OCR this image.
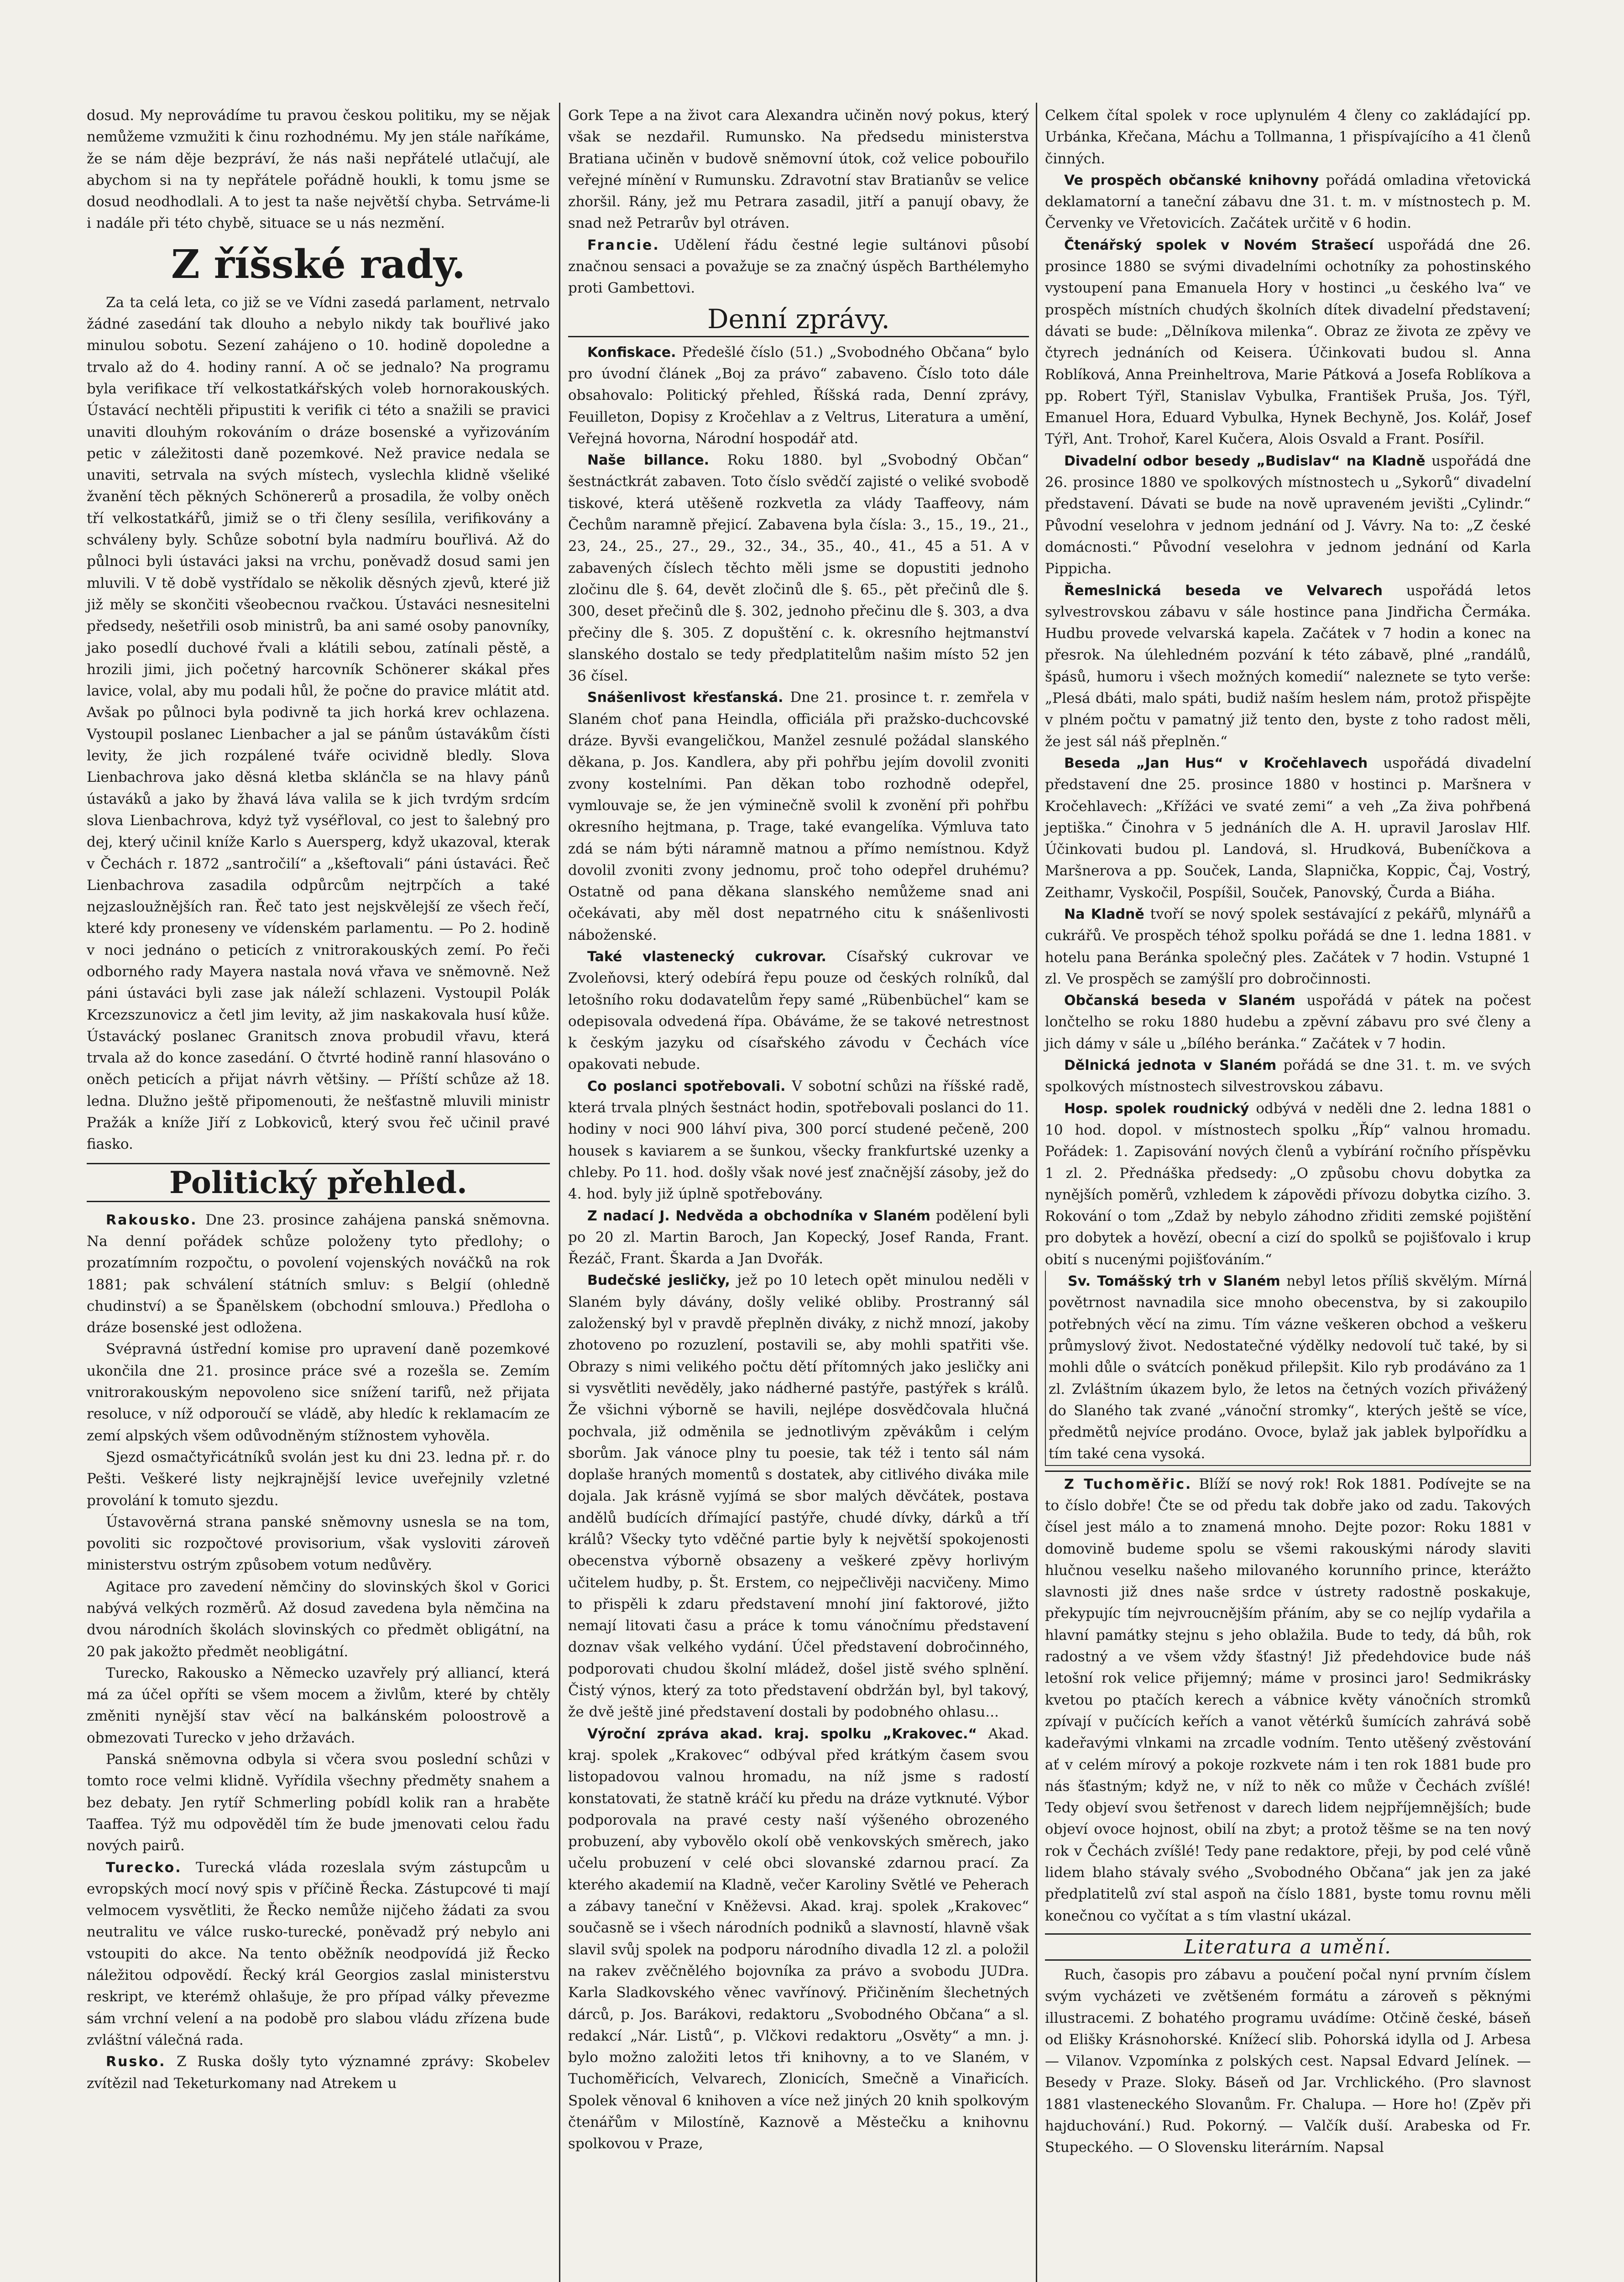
dosud. My neprovádíme tu pravou českou politiku, my se nějak nemůžeme vzmužiti k činu rozhodnému. My jen stále naříkáme, že se nám děje bezpráví, že nás naši nepřátelé utlačují, ale abychom si na ty nepřátele pořádně houkli, k tomu jsme se dosud neodhodlali. A to jest ta naše největší chyba. Setrváme-li i nadále při této chybě, situace se u nás nezmění.

Z říšské rady.

Za ta celá leta, co již se ve Vídni zasedá parlament, netrvalo žádné zasedání tak dlouho a nebylo nikdy tak bouřlivé jako minulou sobotu. Sezení zahájeno o 10. hodině dopoledne a trvalo až do 4. hodiny ranní. A oč se jednalo? Na programu byla verifikace tří velkostatkářských voleb hornorakouských. Ústavácí nechtěli připustiti k verifik ci této a snažili se pravici unaviti dlouhým rokováním o dráze bosenské a vyřizováním petic v záležitosti daně pozemkové. Než pravice nedala se unaviti, setrvala na svých místech, vyslechla klidně všeliké žvanění těch pěkných Schönererů a prosadila, že volby oněch tří velkostatkářů, jimiž se o tři členy sesílila, verifikovány a schváleny byly. Schůze sobotní byla nadmíru bouřlivá. Až do půlnoci byli ústaváci jaksi na vrchu, poněvadž dosud sami jen mluvili. V tě době vystřídalo se několik děsných zjevů, které již již měly se skončiti všeobecnou rvačkou. Ústaváci nesnesitelni předsedy, nešetřili osob ministrů, ba ani samé osoby panovníky, jako posedlí duchové řvali a klátili sebou, zatínali pěstě, a hrozili jimi, jich početný harcovník Schönerer skákal přes lavice, volal, aby mu podali hůl, že počne do pravice mlátit atd. Avšak po půlnoci byla podivně ta jich horká krev ochlazena. Vystoupil poslanec Lienbacher a jal se pánům ústavákům čísti levity, že jich rozpálené tváře ocividně bledly. Slova Lienbachrova jako děsná kletba sklánčla se na hlavy pánů ústaváků a jako by žhavá láva valila se k jich tvrdým srdcím slova Lienbachrova, kdyż tyž vyséřloval, co jest to šalebný pro dej, který učinil kníže Karlo s Auersperg, když ukazoval, kterak v Čechách r. 1872 „santročilí“ a „kšeftovali“ páni ústaváci. Řeč Lienbachrova zasadila odpůrcům nejtrpčích a také nejzasloužnějších ran. Řeč tato jest nejskvělejší ze všech řečí, které kdy proneseny ve vídenském parlamentu. — Po 2. hodině v noci jednáno o peticích z vnitrorakouských zemí. Po řeči odborného rady Mayera nastala nová vřava ve sněmovně. Než páni ústaváci byli zase jak náleží schlazeni. Vystoupil Polák Krcezszunovicz a četl jim levity, až jim naskakovala husí kůže. Ústavácký poslanec Granitsch znova probudil vřavu, která trvala až do konce zasedání. O čtvrté hodině ranní hlasováno o oněch peticích a přijat návrh většiny. — Příští schůze až 18. ledna. Dlužno ještě připomenouti, že nešťastně mluvili ministr Pražák a kníže Jiří z Lobkoviců, který svou řeč učinil pravé fiasko.

Politický přehled.

Rakousko. Dne 23. prosince zahájena panská sněmovna. Na denní pořádek schůze položeny tyto předlohy; o prozatímním rozpočtu, o povolení vojenských nováčků na rok 1881; pak schválení státních smluv: s Belgií (ohledně chudinství) a se Španělskem (obchodní smlouva.) Předloha o dráze bosenské jest odložena.

Svépravná ústřední komise pro upravení daně pozemkové ukončila dne 21. prosince práce své a rozešla se. Zemím vnitrorakouským nepovoleno sice snížení tarifů, než přijata resoluce, v níž odporoučí se vládě, aby hledíc k reklamacím ze zemí alpských všem odůvodněným stížnostem vyhověla.

Sjezd osmačtyřicátníků svolán jest ku dni 23. ledna př. r. do Pešti. Veškeré listy nejkrajnější levice uveřejnily vzletné provolání k tomuto sjezdu.

Ústavověrná strana panské sněmovny usnesla se na tom, povoliti sic rozpočtové provisorium, však vysloviti zároveň ministerstvu ostrým způsobem votum nedůvěry.

Agitace pro zavedení němčiny do slovinských škol v Gorici nabývá velkých rozměrů. Až dosud zavedena byla němčina na dvou národních školách slovinských co předmět obligátní, na 20 pak jakožto předmět neobligátní.

Turecko, Rakousko a Německo uzavřely prý alliancí, která má za účel opříti se všem mocem a živlům, které by chtěly změniti nynější stav věcí na balkánském poloostrově a obmezovati Turecko v jeho državách.

Panská sněmovna odbyla si včera svou poslední schůzi v tomto roce velmi klidně. Vyřídila všechny předměty snahem a bez debaty. Jen rytíř Schmerling pobídl kolik ran a hraběte Taaffea. Týž mu odpověděl tím že bude jmenovati celou řadu nových pairů.

Turecko. Turecká vláda rozeslala svým zástupcům u evropských mocí nový spis v příčině Řecka. Zástupcové ti mají velmocem vysvětliti, že Řecko nemůže nijčeho žádati za svou neutralitu ve válce rusko-turecké, poněvadž prý nebylo ani vstoupiti do akce. Na tento oběžník neodpovídá již Řecko náležitou odpovědí. Řecký král Georgios zaslal ministerstvu reskript, ve kterémž ohlašuje, že pro případ války převezme sám vrchní velení a na podobě pro slabou vládu zřízena bude zvláštní válečná rada.

Rusko. Z Ruska došly tyto významné zprávy: Skobelev zvítězil nad Teketurkomany nad Atrekem u

Gork Tepe a na život cara Alexandra učiněn nový pokus, který však se nezdařil. Rumunsko. Na předsedu ministerstva Bratiana učiněn v budově sněmovní útok, což velice pobouřilo veřejné mínění v Rumunsku. Zdravotní stav Bratianův se velice zhoršil. Rány, jež mu Petrara zasadil, jitří a panují obavy, že snad než Petrarův byl otráven.

Francie. Udělení řádu čestné legie sultánovi působí značnou sensaci a považuje se za značný úspěch Barthélemyho proti Gambettovi.

Denní zprávy.

Konfiskace. Předešlé číslo (51.) „Svobodného Občana“ bylo pro úvodní článek „Boj za právo“ zabaveno. Číslo toto dále obsahovalo: Politický přehled, Říšská rada, Denní zprávy, Feuilleton, Dopisy z Kročehlav a z Veltrus, Literatura a umění, Veřejná hovorna, Národní hospodář atd.

Naše billance. Roku 1880. byl „Svobodný Občan“ šestnáctkrát zabaven. Toto číslo svědčí zajisté o veliké svobodě tiskové, která utěšeně rozkvetla za vlády Taaffeovy, nám Čechům naramně přejicí. Zabavena byla čísla: 3., 15., 19., 21., 23, 24., 25., 27., 29., 32., 34., 35., 40., 41., 45 a 51. A v zabavených číslech těchto měli jsme se dopustiti jednoho zločinu dle §. 64, devět zločinů dle §. 65., pět přečinů dle §. 300, deset přečinů dle §. 302, jednoho přečinu dle §. 303, a dva přečiny dle §. 305. Z dopuštění c. k. okresního hejtmanství slanského dostalo se tedy předplatitelům našim místo 52 jen 36 čísel.

Snášenlivost křesťanská. Dne 21. prosince t. r. zemřela v Slaném choť pana Heindla, officiála při pražsko-duchcovské dráze. Byvši evangeličkou, Manžel zesnulé požádal slanského děkana, p. Jos. Kandlera, aby při pohřbu jejím dovolil zvoniti zvony kostelními. Pan děkan tobo rozhodně odepřel, vymlouvaje se, že jen výminečně svolil k zvonění při pohřbu okresního hejtmana, p. Trage, také evangelíka. Výmluva tato zdá se nám býti náramně matnou a přímo nemístnou. Když dovolil zvoniti zvony jednomu, proč toho odepřel druhému? Ostatně od pana děkana slanského nemůžeme snad ani očekávati, aby měl dost nepatrného citu k snášenlivosti náboženské.

Také vlastenecký cukrovar. Císařský cukrovar ve Zvoleňovsi, který odebírá řepu pouze od českých rolníků, dal letošního roku dodavatelům řepy samé „Rübenbüchel“ kam se odepisovala odvedená řípa. Obáváme, že se takové netrestnost k českým jazyku od císařského závodu v Čechách více opakovati nebude.

Co poslanci spotřebovali. V sobotní schůzi na říšské radě, která trvala plných šestnáct hodin, spotřebovali poslanci do 11. hodiny v noci 900 láhví piva, 300 porcí studené pečeně, 200 housek s kaviarem a se šunkou, všecky frankfurtské uzenky a chleby. Po 11. hod. došly však nové jesť značnější zásoby, jež do 4. hod. byly již úplně spotřebovány.

Z nadací J. Nedvěda a obchodníka v Slaném podělení byli po 20 zl. Martin Baroch, Jan Kopecký, Josef Randa, Frant. Řezáč, Frant. Škarda a Jan Dvořák.

Budečské jesličky, jež po 10 letech opět minulou neděli v Slaném byly dávány, došly veliké obliby. Prostranný sál založenský byl v pravdě přeplněn diváky, z nichž mnozí, jakoby zhotoveno po rozuzlení, postavili se, aby mohli spatřiti vše. Obrazy s nimi velikého počtu dětí přítomných jako jesličky ani si vysvětliti nevěděly, jako nádherné pastýře, pastýřek s králů. Že všichni výborně se havili, nejlépe dosvědčovala hlučná pochvala, již odměnila se jednotlivým zpěvákům i celým sborům. Jak vánoce plny tu poesie, tak též i tento sál nám doplaše hraných momentů s dostatek, aby citlivého diváka mile dojala. Jak krásně vyjímá se sbor malých děvčátek, postava andělů budících dřímající pastýře, chudé dívky, dárků a tří králů? Všecky tyto vděčné partie byly k největší spokojenosti obecenstva výborně obsazeny a veškeré zpěvy horlivým učitelem hudby, p. Št. Erstem, co nejpečlivěji nacvičeny. Mimo to přispěli k zdaru představení mnohí jiní faktorové, jižto nemají litovati času a práce k tomu vánočnímu představení doznav však velkého vydání. Účel představení dobročinného, podporovati chudou školní mládež, došel jistě svého splnění. Čistý výnos, který za toto představení obdržán byl, byl takový, že dvě ještě jiné představení dostali by podobného ohlasu...

Výroční zpráva akad. kraj. spolku „Krakovec.“ Akad. kraj. spolek „Krakovec“ odbýval před krátkým časem svou listopadovou valnou hromadu, na níž jsme s radostí konstatovati, že statně kráčí ku předu na dráze vytknuté. Výbor podporovala na pravé cesty naší výšeného obrozeného probuzení, aby vybovělo okolí obě venkovských směrech, jako učelu probuzení v celé obci slovanské zdarnou prací. Za kterého akademií na Kladně, večer Karoliny Světlé ve Peherach a zábavy taneční v Kněževsi. Akad. kraj. spolek „Krakovec“ současně se i všech národních podniků a slavností, hlavně však slavil svůj spolek na podporu národního divadla 12 zl. a položil na rakev zvěčnělého bojovníka za právo a svobodu JUDra. Karla Sladkovského věnec vavřínový. Přičiněním šlechetných dárců, p. Jos. Barákovi, redaktoru „Svobodného Občana“ a sl. redakcí „Nár. Listů“, p. Vlčkovi redaktoru „Osvěty“ a mn. j. bylo možno založiti letos tři knihovny, a to ve Slaném, v Tuchoměřicích, Velvarech, Zlonicích, Smečně a Vinařicích. Spolek věnoval 6 knihoven a více než jiných 20 knih spolkovým čtenářům v Milostíně, Kaznově a Městečku a knihovnu spolkovou v Praze,

Celkem čítal spolek v roce uplynulém 4 členy co zakládající pp. Urbánka, Křečana, Máchu a Tollmanna, 1 přispívajícího a 41 členů činných.

Ve prospěch občanské knihovny pořádá omladina vřetovická deklamatorní a taneční zábavu dne 31. t. m. v místnostech p. M. Červenky ve Vřetovicích. Začátek určitě v 6 hodin.

Čtenářský spolek v Novém Strašecí uspořádá dne 26. prosince 1880 se svými divadelními ochotníky za pohostinského vystoupení pana Emanuela Hory v hostinci „u českého lva“ ve prospěch místních chudých školních dítek divadelní představení; dávati se bude: „Dělníkova milenka“. Obraz ze života ze zpěvy ve čtyrech jednáních od Keisera. Účinkovati budou sl. Anna Roblíková, Anna Preinheltrova, Marie Pátková a Josefa Roblíkova a pp. Robert Týřl, Stanislav Vybulka, František Pruša, Jos. Týřl, Emanuel Hora, Eduard Vybulka, Hynek Bechyně, Jos. Kolář, Josef Týřl, Ant. Trohoř, Karel Kučera, Alois Osvald a Frant. Posířil.

Divadelní odbor besedy „Budislav“ na Kladně uspořádá dne 26. prosince 1880 ve spolkových místnostech u „Sykorů“ divadelní představení. Dávati se bude na nově upraveném jevišti „Cylindr.“ Původní veselohra v jednom jednání od J. Vávry. Na to: „Z české domácnosti.“ Původní veselohra v jednom jednání od Karla Pippicha.

Řemeslnická beseda ve Velvarech uspořádá letos sylvestrovskou zábavu v sále hostince pana Jindřicha Čermáka. Hudbu provede velvarská kapela. Začátek v 7 hodin a konec na přesrok. Na úlehledném pozvání k této zábavě, plné „randálů, špásů, humoru i všech možných komedií“ naleznete se tyto verše: „Plesá dbáti, malo spáti, budiž naším heslem nám, protož přispějte v plném počtu v pamatný již tento den, byste z toho radost měli, že jest sál náš přeplněn.“

Beseda „Jan Hus“ v Kročehlavech uspořádá divadelní představení dne 25. prosince 1880 v hostinci p. Maršnera v Kročehlavech: „Křížáci ve svaté zemi“ a veh „Za živa pohřbená jeptiška.“ Činohra v 5 jednáních dle A. H. upravil Jaroslav Hlf. Účinkovati budou pl. Landová, sl. Hrudková, Bubeníčkova a Maršnerova a pp. Souček, Landa, Slapnička, Koppic, Čaj, Vostrý, Zeithamr, Vyskočil, Pospíšil, Souček, Panovský, Čurda a Biáha.

Na Kladně tvoří se nový spolek sestávající z pekářů, mlynářů a cukrářů. Ve prospěch téhož spolku pořádá se dne 1. ledna 1881. v hotelu pana Beránka společný ples. Začátek v 7 hodin. Vstupné 1 zl. Ve prospěch se zamýšlí pro dobročinnosti.

Občanská beseda v Slaném uspořádá v pátek na počest lončtelho se roku 1880 hudebu a zpěvní zábavu pro své členy a jich dámy v sále u „bílého beránka.“ Začátek v 7 hodin.

Dělnická jednota v Slaném pořádá se dne 31. t. m. ve svých spolkových místnostech silvestrovskou zábavu.

Hosp. spolek roudnický odbývá v neděli dne 2. ledna 1881 o 10 hod. dopol. v místnostech spolku „Říp“ valnou hromadu. Pořádek: 1. Zapisování nových členů a vybírání ročního příspěvku 1 zl. 2. Přednáška předsedy: „O způsobu chovu dobytka za nynějších poměrů, vzhledem k zápovědi přívozu dobytka cizího. 3. Rokování o tom „Zdaž by nebylo záhodno zřiditi zemské pojištění pro dobytek a hovězí, obecní a cizí do spolků se pojišťovalo i krup obití s nucenými pojišťováním.“

Sv. Tomášský trh v Slaném nebyl letos příliš skvělým. Mírná povětrnost navnadila sice mnoho obecenstva, by si zakoupilo potřebných věcí na zimu. Tím vázne veškeren obchod a veškeru průmyslový život. Nedostatečné výdělky nedovolí tuč také, by si mohli důle o svátcích poněkud přilepšit. Kilo ryb prodáváno za 1 zl. Zvláštním úkazem bylo, že letos na četných vozích přivážený do Slaného tak zvané „vánoční stromky“, kterých ještě se více, předmětů nejvíce prodáno. Ovoce, bylaž jak jablek bylpořídku a tím také cena vysoká.

Z Tuchoměřic. Blíží se nový rok! Rok 1881. Podívejte se na to číslo dobře! Čte se od předu tak dobře jako od zadu. Takových čísel jest málo a to znamená mnoho. Dejte pozor: Roku 1881 v domovině budeme spolu se všemi rakouskými národy slaviti hlučnou veselku našeho milovaného korunního prince, kterážto slavnosti již dnes naše srdce v ústrety radostně poskakuje, překypujíc tím nejvroucnějším přáním, aby se co nejlíp vydařila a hlavní památky stejnu s jeho oblažila. Bude to tedy, dá bůh, rok radostný a ve všem vždy šťastný! Již předehdovice bude náš letošní rok velice přijemný; máme v prosinci jaro! Sedmikrásky kvetou po ptačích kerech a vábnice květy vánočních stromků zpívají v pučících keřích a vanot větérků šumících zahrává sobě kadeřavými vlnkami na zrcadle vodním. Tento utěšený zvěstování ať v celém mírový a pokoje rozkvete nám i ten rok 1881 bude pro nás šťastným; když ne, v níž to něk co může v Čechách zvíšlé! Tedy objeví svou šetřenost v darech lidem nejpříjemnějších; bude objeví ovoce hojnost, obilí na zbyt; a protož těšme se na ten nový rok v Čechách zvíšlé! Tedy pane redaktore, přeji, by pod celé vůně lidem blaho stávaly svého „Svobodného Občana“ jak jen za jaké předplatitelů zví stal aspoň na číslo 1881, byste tomu rovnu měli konečnou co vyčítat a s tím vlastní ukázal.

Literatura a umění.

Ruch, časopis pro zábavu a poučení počal nyní prvním číslem svým vycházeti ve zvětšeném formátu a zároveň s pěknými illustracemi. Z bohatého programu uvádíme: Otčině české, báseň od Elišky Krásnohorské. Knížecí slib. Pohorská idylla od J. Arbesa — Vilanov. Vzpomínka z polských cest. Napsal Edvard Jelínek. — Besedy v Praze. Sloky. Báseň od Jar. Vrchlického. (Pro slavnost 1881 vlasteneckého Slovanům. Fr. Chalupa. — Hore ho! (Zpěv při hajduchování.) Rud. Pokorný. — Valčík duší. Arabeska od Fr. Stupeckého. — O Slovensku literárním. Napsal
